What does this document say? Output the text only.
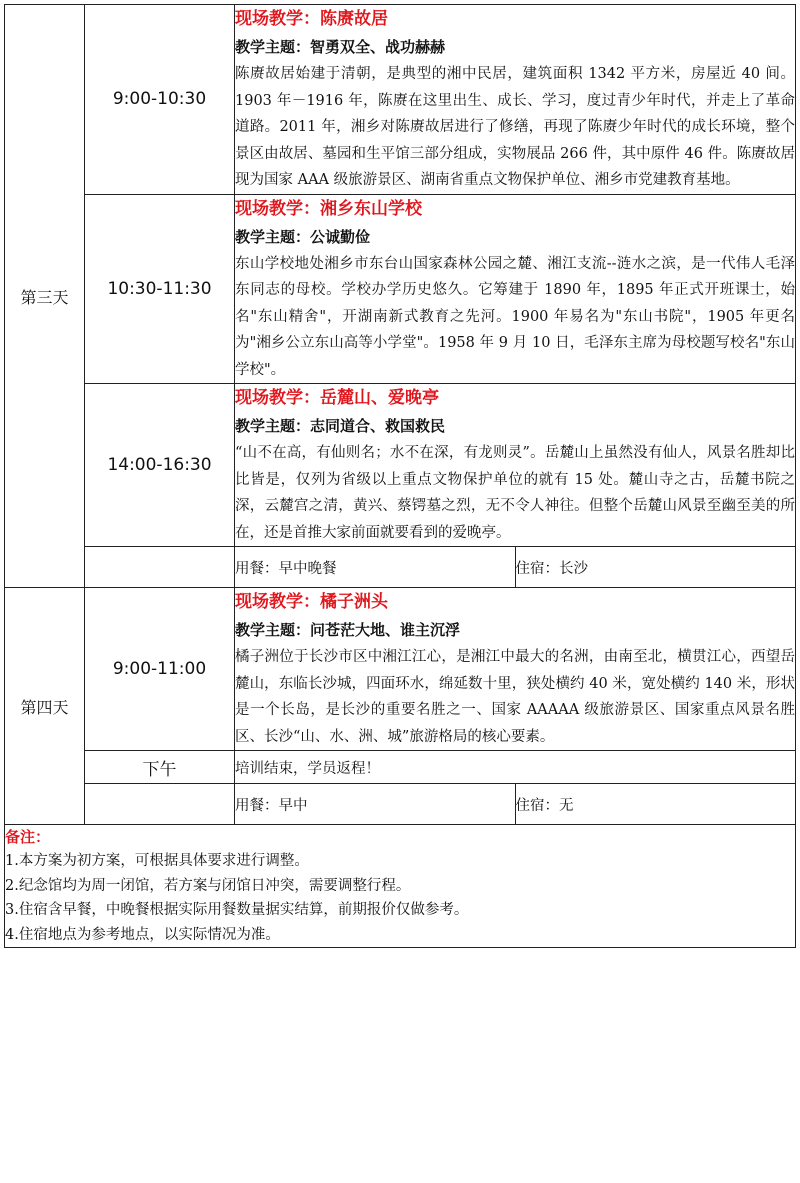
第三天	9:00-10:30	现场教学：陈赓故居
教学主题：智勇双全、战功赫赫
陈赓故居始建于清朝，是典型的湘中民居，建筑面积 1342 平方米，房屋近 40 间。1903 年－1916 年，陈赓在这里出生、成长、学习，度过青少年时代，并走上了革命道路。2011 年，湘乡对陈赓故居进行了修缮，再现了陈赓少年时代的成长环境，整个景区由故居、墓园和生平馆三部分组成，实物展品 266 件，其中原件 46 件。陈赓故居现为国家 AAA 级旅游景区、湖南省重点文物保护单位、湘乡市党建教育基地。	

	10:30-11:30	现场教学：湘乡东山学校
教学主题：公诚勤俭
东山学校地处湘乡市东台山国家森林公园之麓、湘江支流--涟水之滨，是一代伟人毛泽东同志的母校。学校办学历史悠久。它筹建于 1890 年，1895 年正式开班课士，始名"东山精舍"，开湖南新式教育之先河。1900 年易名为"东山书院"，1905 年更名为"湘乡公立东山高等小学堂"。1958 年 9 月 10 日，毛泽东主席为母校题写校名"东山学校"。	

	14:00-16:30	现场教学：岳麓山、爱晚亭
教学主题：志同道合、救国救民
“山不在高，有仙则名；水不在深，有龙则灵”。岳麓山上虽然没有仙人，风景名胜却比比皆是，仅列为省级以上重点文物保护单位的就有 15 处。麓山寺之古，岳麓书院之深，云麓宫之清，黄兴、蔡锷墓之烈，无不令人神往。但整个岳麓山风景至幽至美的所在，还是首推大家前面就要看到的爱晚亭。	

		用餐：早中晚餐	住宿：长沙
第四天	9:00-11:00	现场教学：橘子洲头
教学主题：问苍茫大地、谁主沉浮
橘子洲位于长沙市区中湘江江心，是湘江中最大的名洲，由南至北，横贯江心，西望岳麓山，东临长沙城，四面环水，绵延数十里，狭处横约 40 米，宽处横约 140 米，形状是一个长岛，是长沙的重要名胜之一、国家 AAAAA 级旅游景区、国家重点风景名胜区、长沙“山、水、洲、城”旅游格局的核心要素。	

	下午	培训结束，学员返程！	
		用餐：早中	住宿：无

备注：
1.本方案为初方案，可根据具体要求进行调整。
2.纪念馆均为周一闭馆，若方案与闭馆日冲突，需要调整行程。
3.住宿含早餐，中晚餐根据实际用餐数量据实结算，前期报价仅做参考。
4.住宿地点为参考地点，以实际情况为准。			
